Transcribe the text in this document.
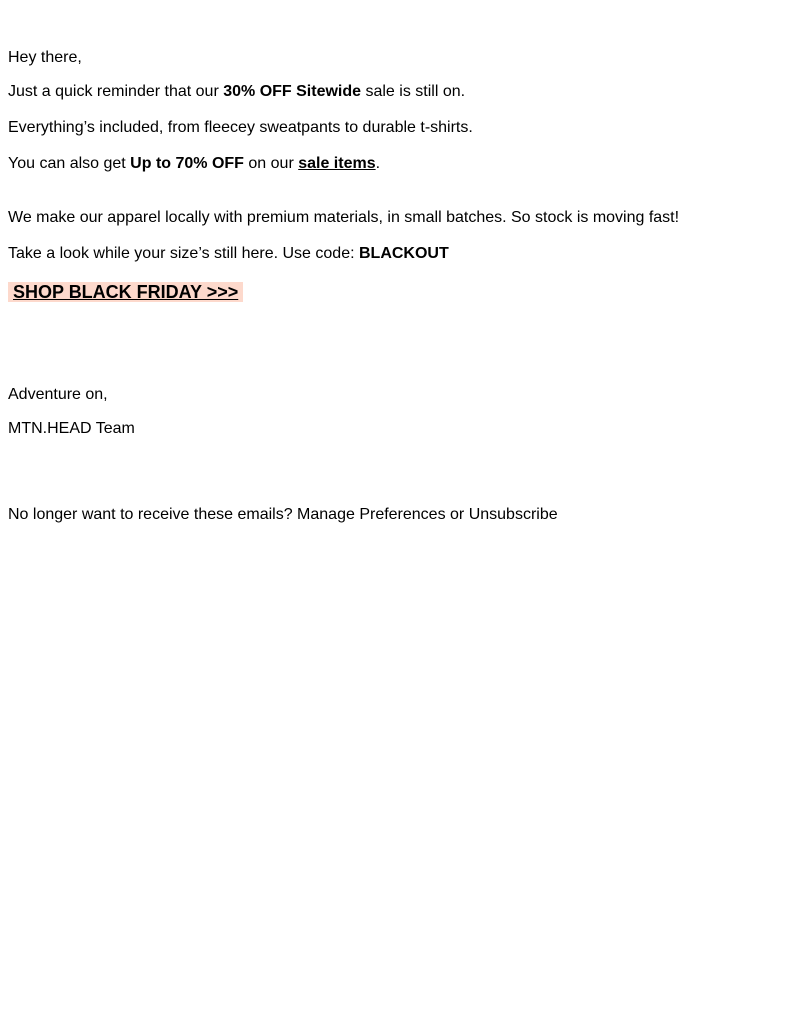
Hey there,
Just a quick reminder that our 30% OFF Sitewide sale is still on.
Everything’s included, from fleecey sweatpants to durable t-shirts.
You can also get Up to 70% OFF on our sale items.
We make our apparel locally with premium materials, in small batches. So stock is moving fast!
Take a look while your size’s still here. Use code: BLACKOUT
SHOP BLACK FRIDAY >>>
Adventure on,
MTN.HEAD Team
No longer want to receive these emails? Manage Preferences or Unsubscribe
